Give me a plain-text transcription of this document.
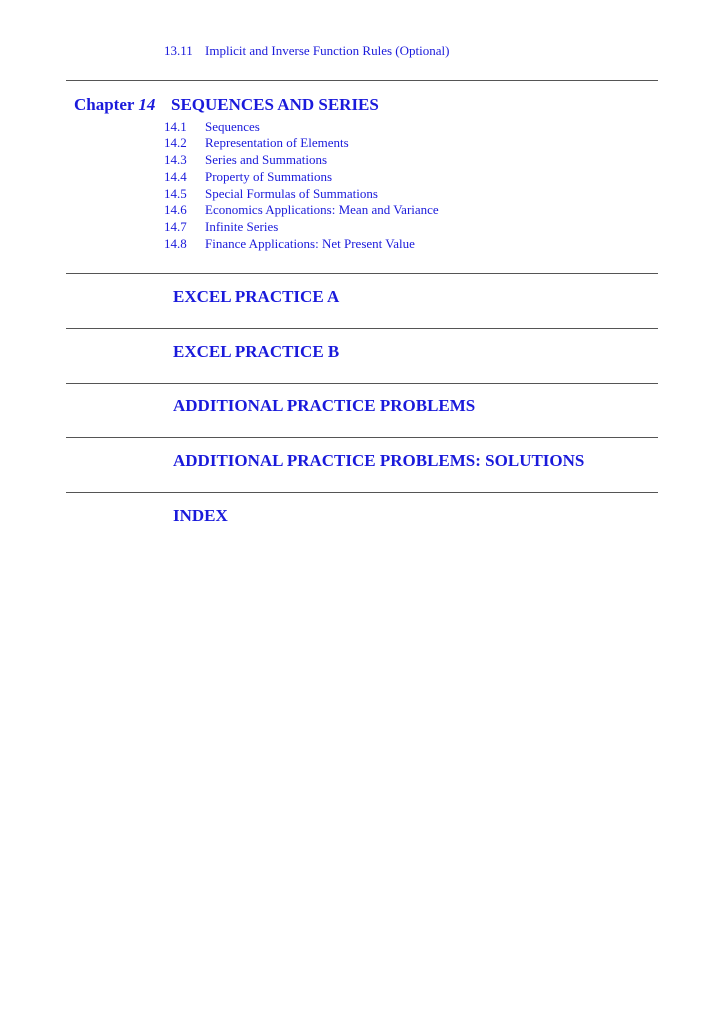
13.11 Implicit and Inverse Function Rules (Optional)
Chapter 14 SEQUENCES AND SERIES
14.1 Sequences
14.2 Representation of Elements
14.3 Series and Summations
14.4 Property of Summations
14.5 Special Formulas of Summations
14.6 Economics Applications: Mean and Variance
14.7 Infinite Series
14.8 Finance Applications: Net Present Value
EXCEL PRACTICE A
EXCEL PRACTICE B
ADDITIONAL PRACTICE PROBLEMS
ADDITIONAL PRACTICE PROBLEMS: SOLUTIONS
INDEX
